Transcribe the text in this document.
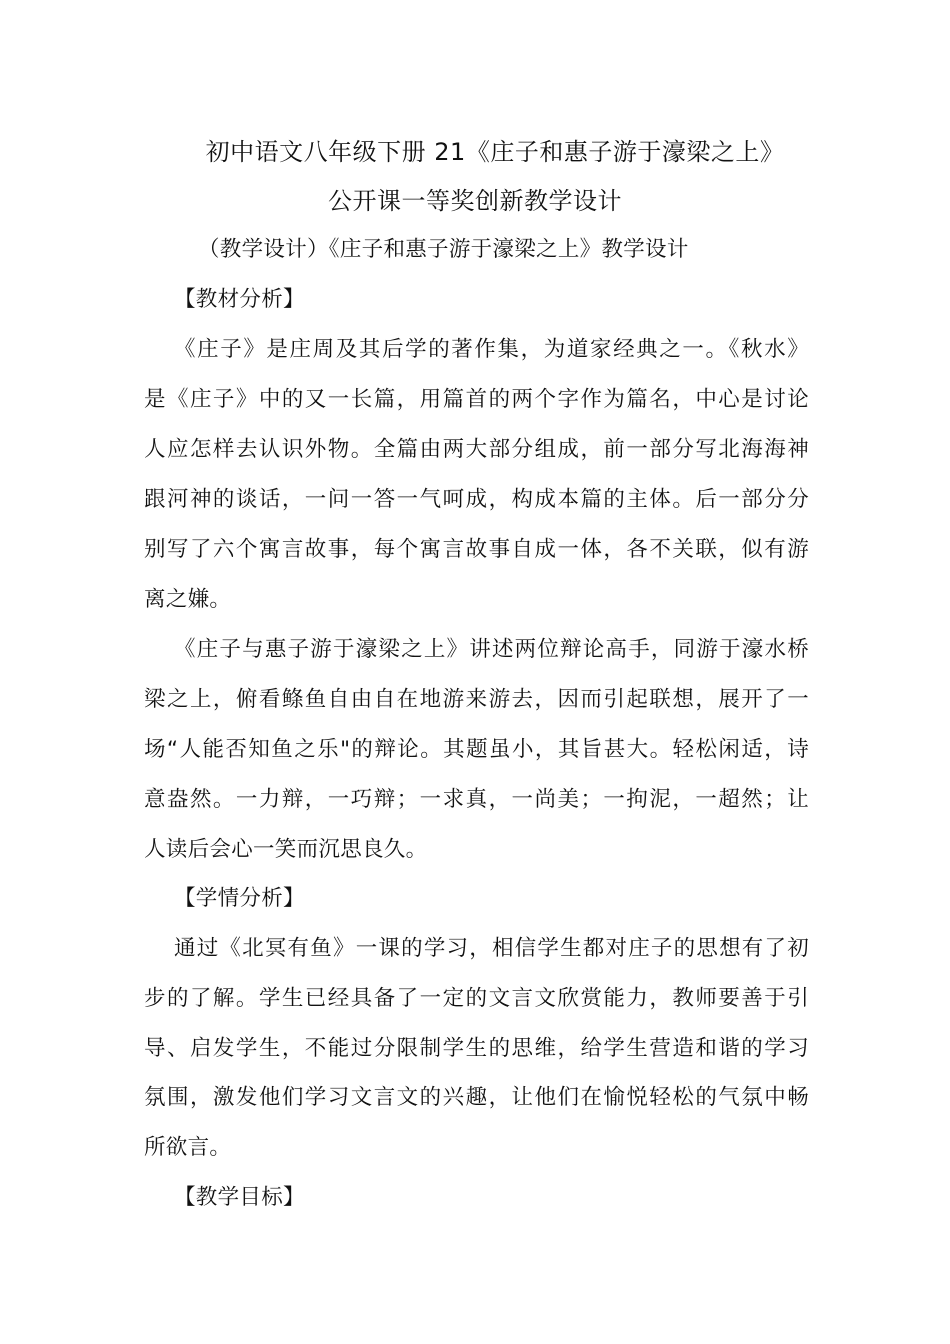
初中语文八年级下册 21《庄子和惠子游于濠梁之上》
公开课一等奖创新教学设计
（教学设计）《庄子和惠子游于濠梁之上》教学设计
【教材分析】
《庄子》是庄周及其后学的著作集，为道家经典之一。《秋水》
是《庄子》中的又一长篇，用篇首的两个字作为篇名，中心是讨论
人应怎样去认识外物。全篇由两大部分组成，前一部分写北海海神
跟河神的谈话，一问一答一气呵成，构成本篇的主体。后一部分分
别写了六个寓言故事，每个寓言故事自成一体，各不关联，似有游
离之嫌。
《庄子与惠子游于濠梁之上》讲述两位辩论高手，同游于濠水桥
梁之上，俯看鲦鱼自由自在地游来游去，因而引起联想，展开了一
场“人能否知鱼之乐"的辩论。其题虽小，其旨甚大。轻松闲适，诗
意盎然。一力辩，一巧辩；一求真，一尚美；一拘泥，一超然；让
人读后会心一笑而沉思良久。
【学情分析】
通过《北冥有鱼》一课的学习，相信学生都对庄子的思想有了初
步的了解。学生已经具备了一定的文言文欣赏能力，教师要善于引
导、启发学生，不能过分限制学生的思维，给学生营造和谐的学习
氛围，激发他们学习文言文的兴趣，让他们在愉悦轻松的气氛中畅
所欲言。
【教学目标】
